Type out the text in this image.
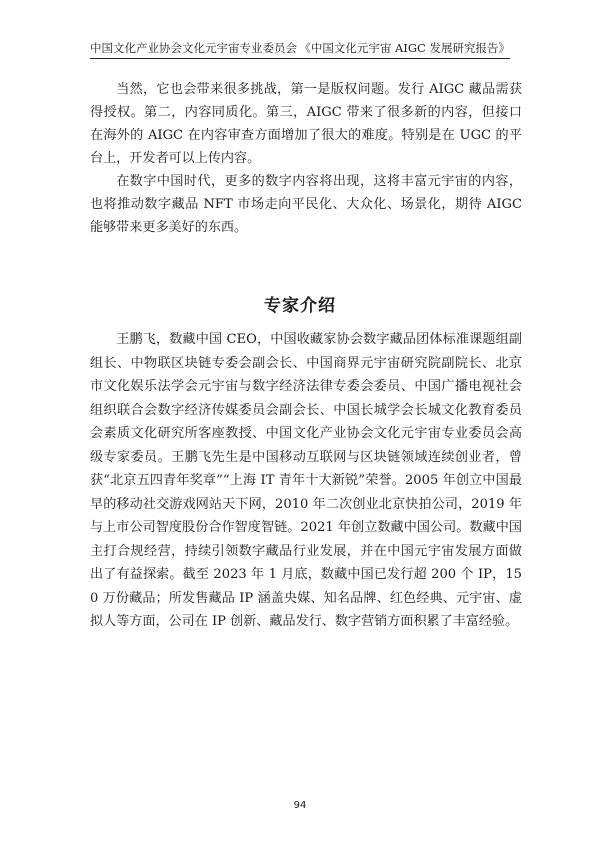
中国文化产业协会文化元宇宙专业委员会 《中国文化元宇宙 AIGC 发展研究报告》

当然，它也会带来很多挑战，第一是版权问题。发行 AIGC 藏品需获得授权。第二，内容同质化。第三，AIGC 带来了很多新的内容，但接口在海外的 AIGC 在内容审查方面增加了很大的难度。特别是在 UGC 的平台上，开发者可以上传内容。

在数字中国时代，更多的数字内容将出现，这将丰富元宇宙的内容，也将推动数字藏品 NFT 市场走向平民化、大众化、场景化，期待 AIGC 能够带来更多美好的东西。

专家介绍

王鹏飞，数藏中国 CEO，中国收藏家协会数字藏品团体标准课题组副组长、中物联区块链专委会副会长、中国商界元宇宙研究院副院长、北京市文化娱乐法学会元宇宙与数字经济法律专委会委员、中国广播电视社会组织联合会数字经济传媒委员会副会长、中国长城学会长城文化教育委员会素质文化研究所客座教授、中国文化产业协会文化元宇宙专业委员会高级专家委员。王鹏飞先生是中国移动互联网与区块链领域连续创业者，曾获“北京五四青年奖章”“上海 IT 青年十大新锐”荣誉。2005 年创立中国最早的移动社交游戏网站天下网，2010 年二次创业北京快拍公司，2019 年与上市公司智度股份合作智度智链。2021 年创立数藏中国公司。数藏中国主打合规经营，持续引领数字藏品行业发展，并在中国元宇宙发展方面做出了有益探索。截至 2023 年 1 月底，数藏中国已发行超 200 个 IP，150 万份藏品；所发售藏品 IP 涵盖央媒、知名品牌、红色经典、元宇宙、虚拟人等方面，公司在 IP 创新、藏品发行、数字营销方面积累了丰富经验。

94
